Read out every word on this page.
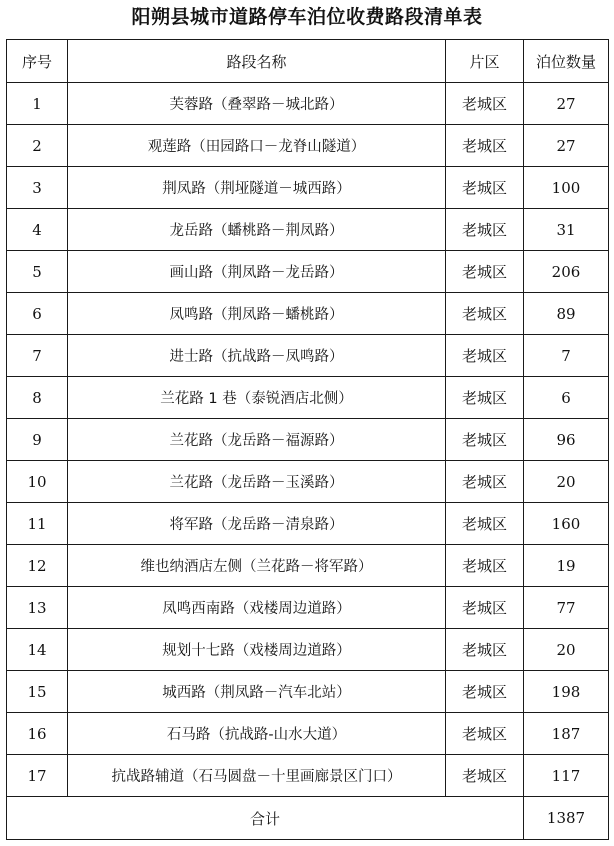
阳朔县城市道路停车泊位收费路段清单表
序号	路段名称	片区	泊位数量
1	芙蓉路（叠翠路－城北路）	老城区	27
2	观莲路（田园路口－龙脊山隧道）	老城区	27
3	荆凤路（荆垭隧道－城西路）	老城区	100
4	龙岳路（蟠桃路－荆凤路）	老城区	31
5	画山路（荆凤路－龙岳路）	老城区	206
6	凤鸣路（荆凤路－蟠桃路）	老城区	89
7	进士路（抗战路－凤鸣路）	老城区	7
8	兰花路 1 巷（泰锐酒店北侧）	老城区	6
9	兰花路（龙岳路－福源路）	老城区	96
10	兰花路（龙岳路－玉溪路）	老城区	20
11	将军路（龙岳路－清泉路）	老城区	160
12	维也纳酒店左侧（兰花路－将军路）	老城区	19
13	凤鸣西南路（戏楼周边道路）	老城区	77
14	规划十七路（戏楼周边道路）	老城区	20
15	城西路（荆凤路－汽车北站）	老城区	198
16	石马路（抗战路-山水大道）	老城区	187
17	抗战路辅道（石马圆盘－十里画廊景区门口）	老城区	117
合计			1387
